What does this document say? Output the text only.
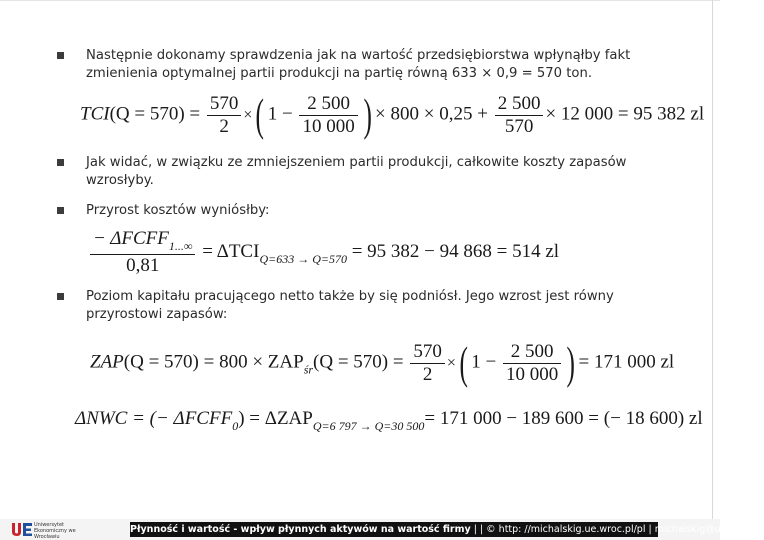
Następnie dokonamy sprawdzenia jak na wartość przedsiębiorstwa wpłynąłby fakt
zmienienia optymalnej partii produkcji na partię równą 633 × 0,9 = 570 ton.
$TCI(Q = 570) = \frac{570}{2}$ ×( $1 - \frac{2 500}{10 000}$ ) × $800 \times 0,25 + \frac{2 500}{570} \times 12$ 000 = 95 382 zl
Jak widać, w związku ze zmniejszeniem partii produkcji, całkowite koszty zapasów
wzrosłyby.
Przyrost kosztów wyniósłby:
$\frac{- \Delta FCFF_{1...\infty}}{0,81} = \Delta TCI_{Q=633 \to Q=570} = 95$ 382 − 94 868 = 514 zl
Poziom kapitału pracującego netto także by się podniósł. Jego wzrost jest równy
przyrostowi zapasów:
$ZAP(Q = 570) = 800 \times ZAP_{śr}(Q = 570) = \frac{570}{2}$ ×( $1 - \frac{2 500}{10 000}$ ) = 171 000 zl
ΔNWC = (− $\Delta FCFF_0) = \Delta ZAP_{Q=6 797 \to Q=30 500}= 171$ 000 − 189 600 = (− 18 600) zl
Uniwersytet Ekonomiczny we Wrocławiu
Płynność i wartość - wpływ płynnych aktywów na wartość firmy | | © http: //michalskig.ue.wroc.pl/pl | michalskig@ue.wroc.pl
